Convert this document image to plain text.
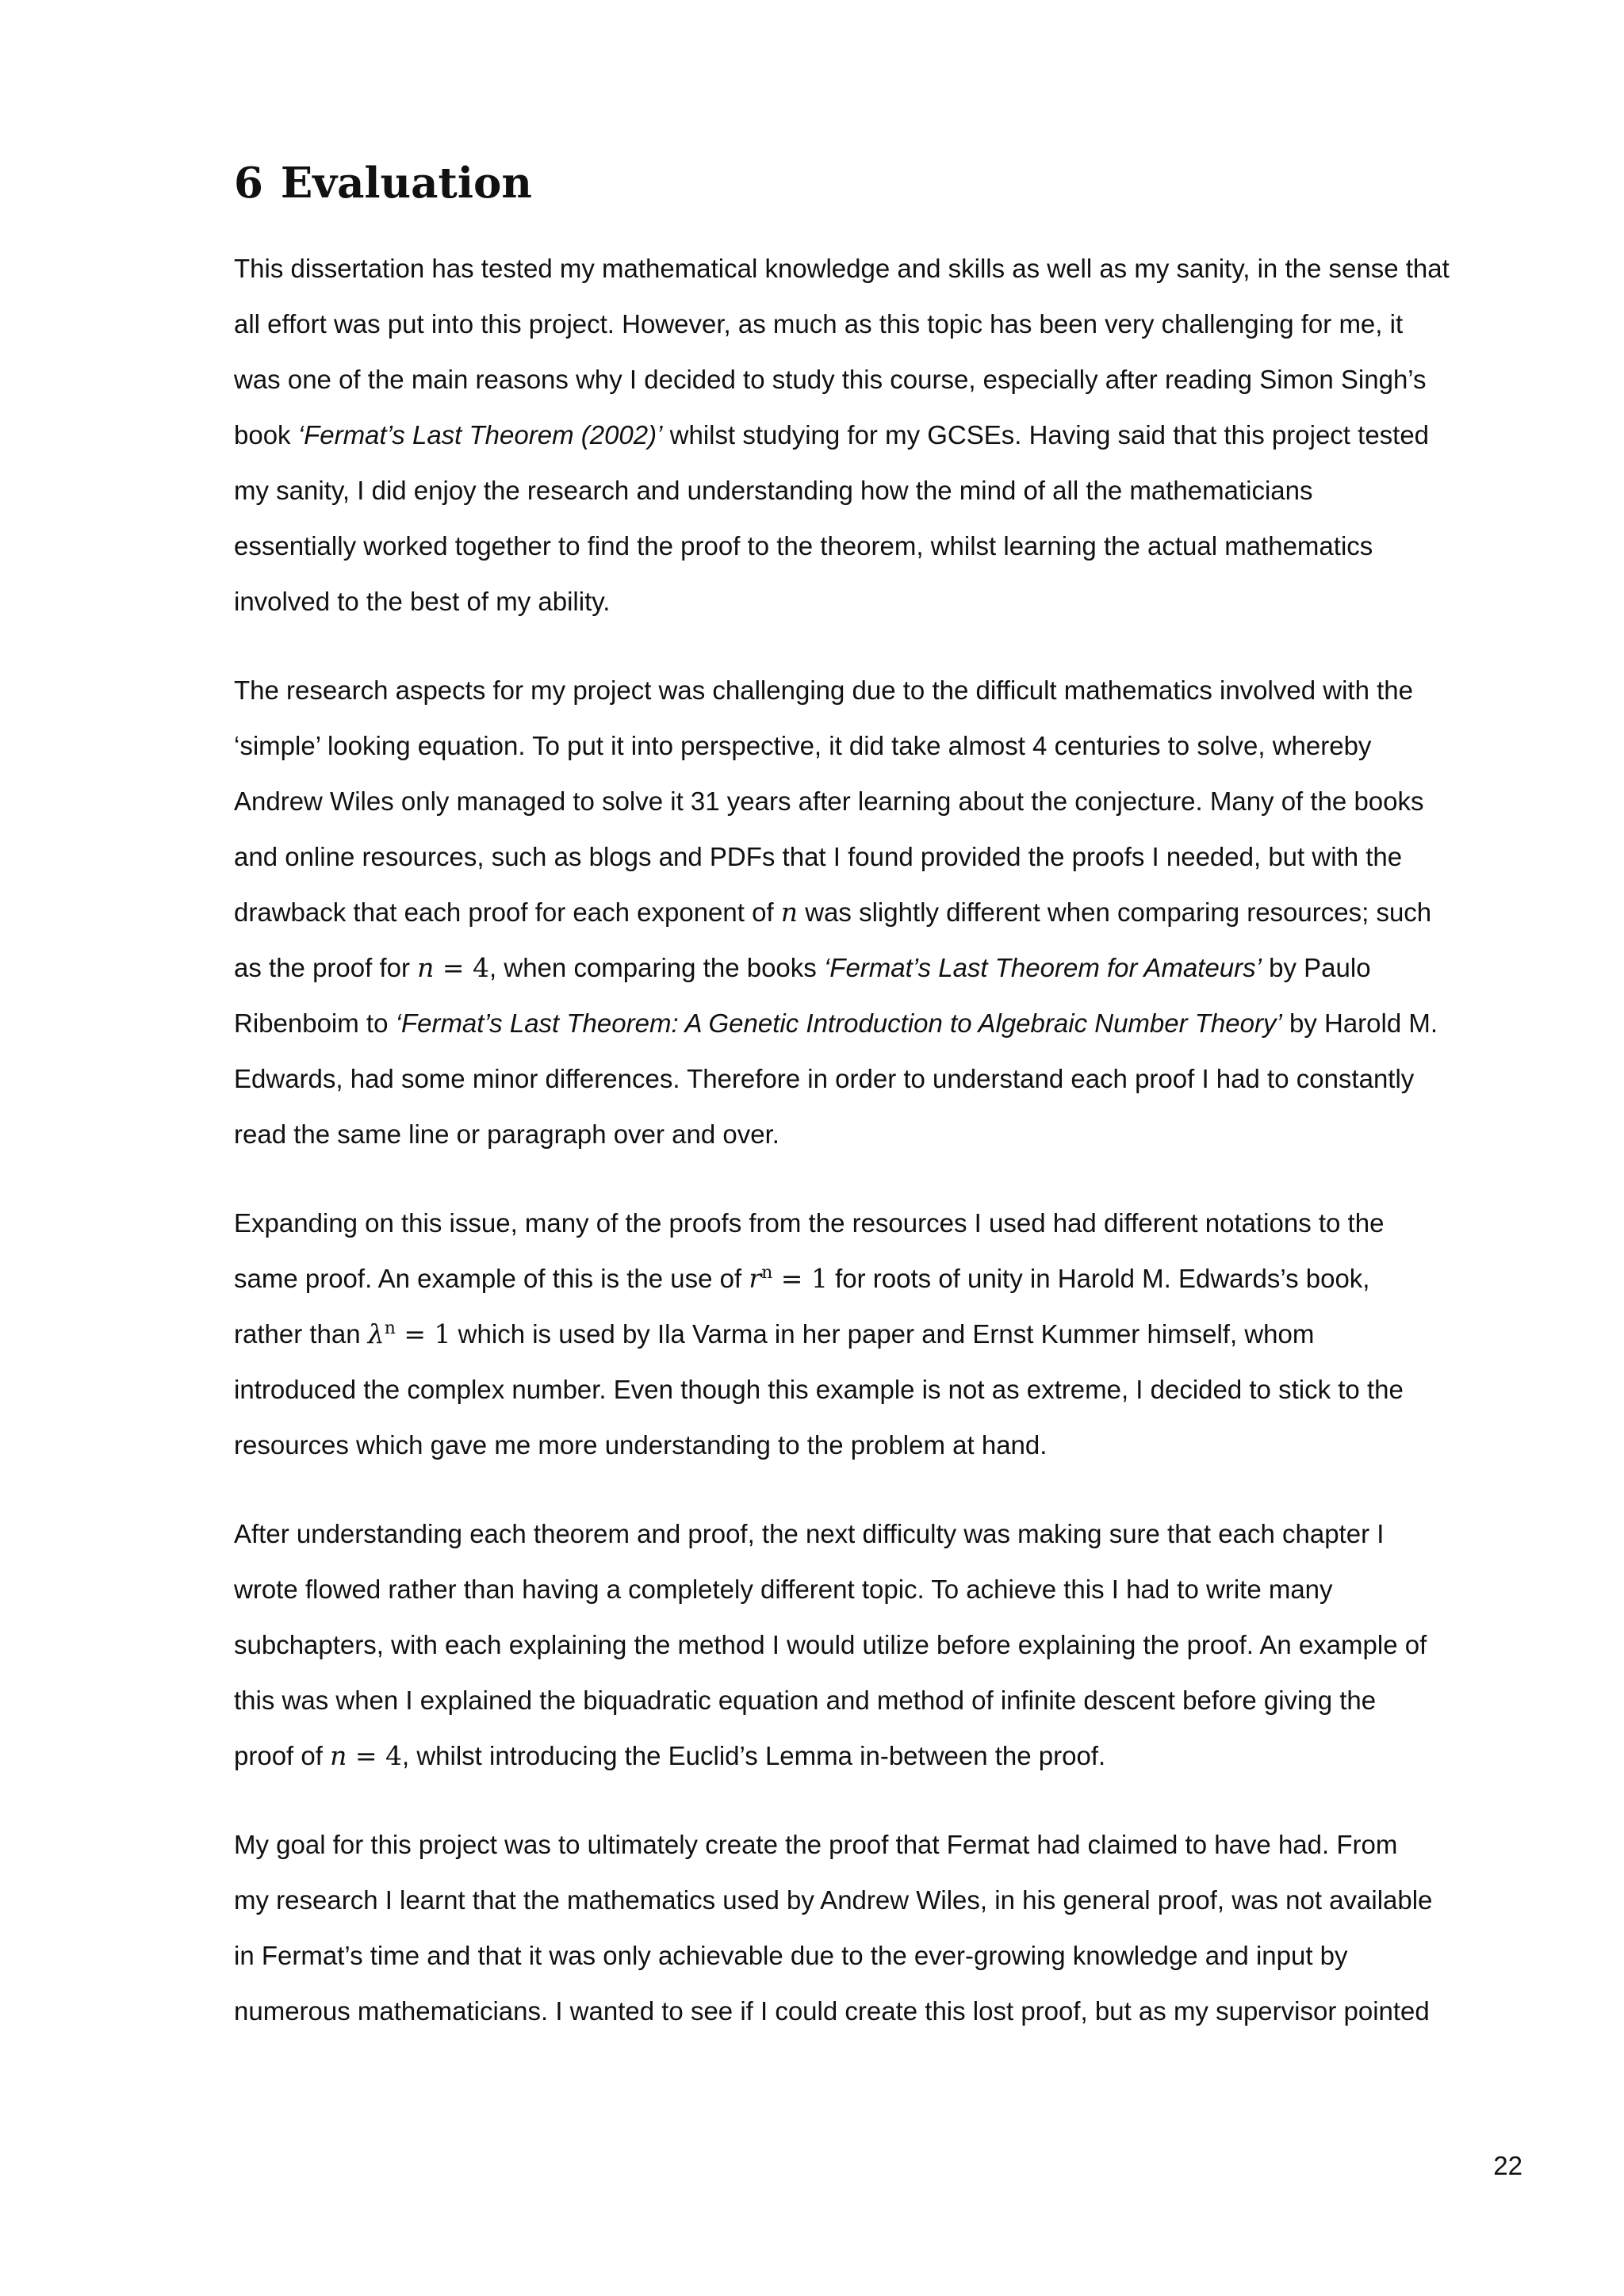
6 Evaluation
This dissertation has tested my mathematical knowledge and skills as well as my sanity, in the sense that
all effort was put into this project. However, as much as this topic has been very challenging for me, it
was one of the main reasons why I decided to study this course, especially after reading Simon Singh’s
book ‘Fermat’s Last Theorem (2002)’ whilst studying for my GCSEs. Having said that this project tested
my sanity, I did enjoy the research and understanding how the mind of all the mathematicians
essentially worked together to find the proof to the theorem, whilst learning the actual mathematics
involved to the best of my ability.
The research aspects for my project was challenging due to the difficult mathematics involved with the
‘simple’ looking equation. To put it into perspective, it did take almost 4 centuries to solve, whereby
Andrew Wiles only managed to solve it 31 years after learning about the conjecture. Many of the books
and online resources, such as blogs and PDFs that I found provided the proofs I needed, but with the
drawback that each proof for each exponent of n was slightly different when comparing resources; such
as the proof for n = 4, when comparing the books ‘Fermat’s Last Theorem for Amateurs’ by Paulo
Ribenboim to ‘Fermat’s Last Theorem: A Genetic Introduction to Algebraic Number Theory’ by Harold M.
Edwards, had some minor differences. Therefore in order to understand each proof I had to constantly
read the same line or paragraph over and over.
Expanding on this issue, many of the proofs from the resources I used had different notations to the
same proof. An example of this is the use of $r^n = 1$ for roots of unity in Harold M. Edwards’s book,
rather than $\lambda^n = 1$ which is used by Ila Varma in her paper and Ernst Kummer himself, whom
introduced the complex number. Even though this example is not as extreme, I decided to stick to the
resources which gave me more understanding to the problem at hand.
After understanding each theorem and proof, the next difficulty was making sure that each chapter I
wrote flowed rather than having a completely different topic. To achieve this I had to write many
subchapters, with each explaining the method I would utilize before explaining the proof. An example of
this was when I explained the biquadratic equation and method of infinite descent before giving the
proof of n = 4, whilst introducing the Euclid’s Lemma in-between the proof.
My goal for this project was to ultimately create the proof that Fermat had claimed to have had. From
my research I learnt that the mathematics used by Andrew Wiles, in his general proof, was not available
in Fermat’s time and that it was only achievable due to the ever-growing knowledge and input by
numerous mathematicians. I wanted to see if I could create this lost proof, but as my supervisor pointed
22
